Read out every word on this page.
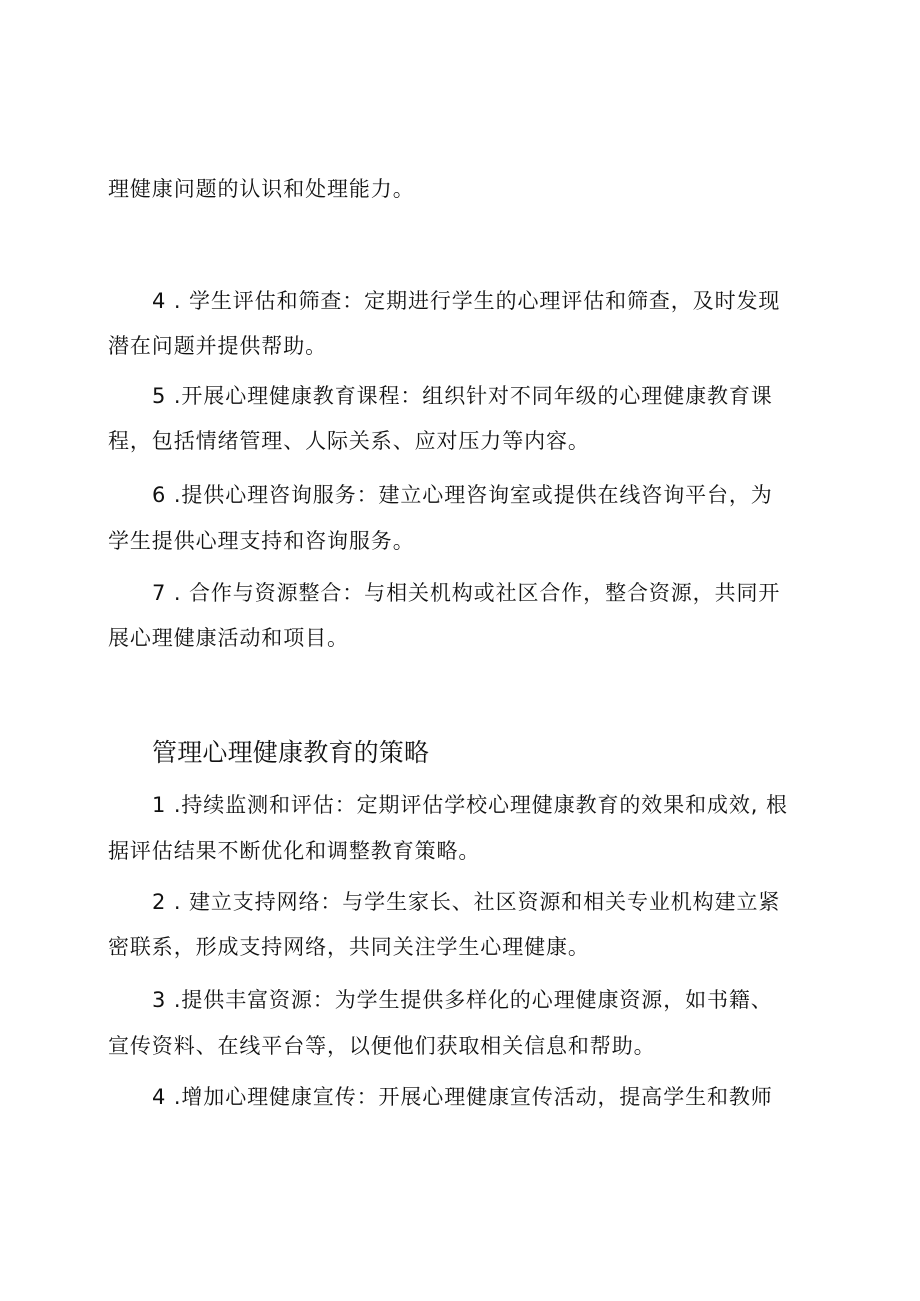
理健康问题的认识和处理能力。
4 . 学生评估和筛查：定期进行学生的心理评估和筛查，及时发现
潜在问题并提供帮助。
5 .开展心理健康教育课程：组织针对不同年级的心理健康教育课
程，包括情绪管理、人际关系、应对压力等内容。
6 .提供心理咨询服务：建立心理咨询室或提供在线咨询平台，为
学生提供心理支持和咨询服务。
7 . 合作与资源整合：与相关机构或社区合作，整合资源，共同开
展心理健康活动和项目。
管理心理健康教育的策略
1 .持续监测和评估：定期评估学校心理健康教育的效果和成效, 根
据评估结果不断优化和调整教育策略。
2 . 建立支持网络：与学生家长、社区资源和相关专业机构建立紧
密联系，形成支持网络，共同关注学生心理健康。
3 .提供丰富资源：为学生提供多样化的心理健康资源，如书籍、
宣传资料、在线平台等，以便他们获取相关信息和帮助。
4 .增加心理健康宣传：开展心理健康宣传活动，提高学生和教师
